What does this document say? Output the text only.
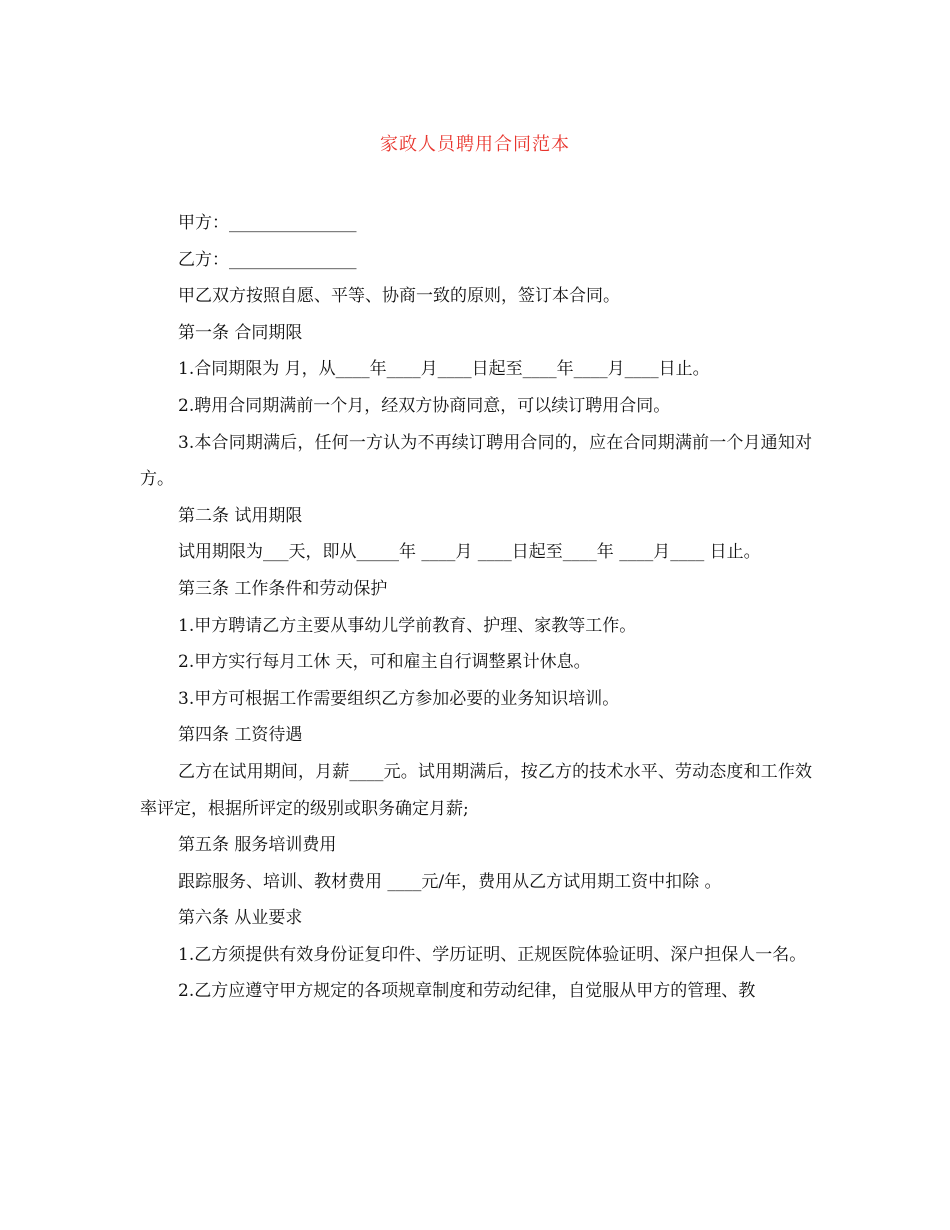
家政人员聘用合同范本

甲方：_______________

乙方：_______________

甲乙双方按照自愿、平等、协商一致的原则，签订本合同。

第一条 合同期限

1.合同期限为 月，从____年____月____日起至____年____月____日止。

2.聘用合同期满前一个月，经双方协商同意，可以续订聘用合同。

3.本合同期满后，任何一方认为不再续订聘用合同的，应在合同期满前一个月通知对方。

第二条 试用期限

试用期限为___天，即从_____年 ____月 ____日起至____年 ____月____ 日止。

第三条 工作条件和劳动保护

1.甲方聘请乙方主要从事幼儿学前教育、护理、家教等工作。

2.甲方实行每月工休 天，可和雇主自行调整累计休息。

3.甲方可根据工作需要组织乙方参加必要的业务知识培训。

第四条 工资待遇

乙方在试用期间，月薪____元。试用期满后，按乙方的技术水平、劳动态度和工作效率评定，根据所评定的级别或职务确定月薪;

第五条 服务培训费用

跟踪服务、培训、教材费用 ____元/年，费用从乙方试用期工资中扣除 。

第六条 从业要求

1.乙方须提供有效身份证复印件、学历证明、正规医院体验证明、深户担保人一名。

2.乙方应遵守甲方规定的各项规章制度和劳动纪律，自觉服从甲方的管理、教
